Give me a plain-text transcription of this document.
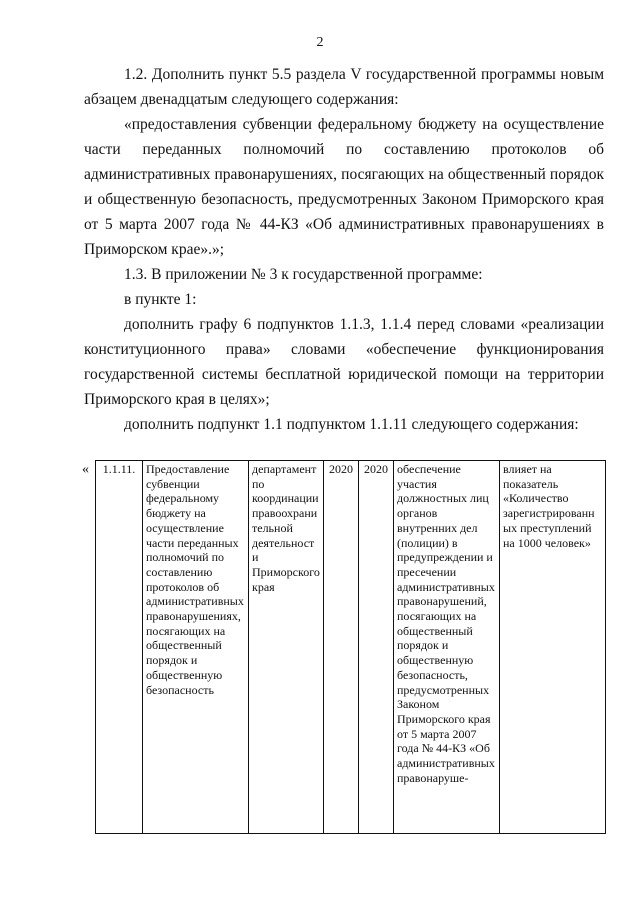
2

1.2. Дополнить пункт 5.5 раздела V государственной программы новым абзацем двенадцатым следующего содержания:

«предоставления субвенции федеральному бюджету на осуществление части переданных полномочий по составлению протоколов об административных правонарушениях, посягающих на общественный порядок и общественную безопасность, предусмотренных Законом Приморского края от 5 марта 2007 года № 44-КЗ «Об административных правонарушениях в Приморском крае».»;

1.3. В приложении № 3 к государственной программе:

в пункте 1:

дополнить графу 6 подпунктов 1.1.3, 1.1.4 перед словами «реализации конституционного права» словами «обеспечение функционирования государственной системы бесплатной юридической помощи на территории Приморского края в целях»;

дополнить подпункт 1.1 подпунктом 1.1.11 следующего содержания:

« 1.1.11.	Предоставление субвенции федеральному бюджету на осуществление части переданных полномочий по составлению протоколов об административных правонарушениях, посягающих на общественный порядок и общественную безопасность	департамент по координации правоохранительной деятельности Приморского края	2020	2020	обеспечение участия должностных лиц органов внутренних дел (полиции) в предупреждении и пресечении административных правонарушений, посягающих на общественный порядок и общественную безопасность, предусмотренных Законом Приморского края от 5 марта 2007 года № 44-КЗ «Об административных правонаруше-	влияет на показатель «Количество зарегистрированных преступлений на 1000 человек»
